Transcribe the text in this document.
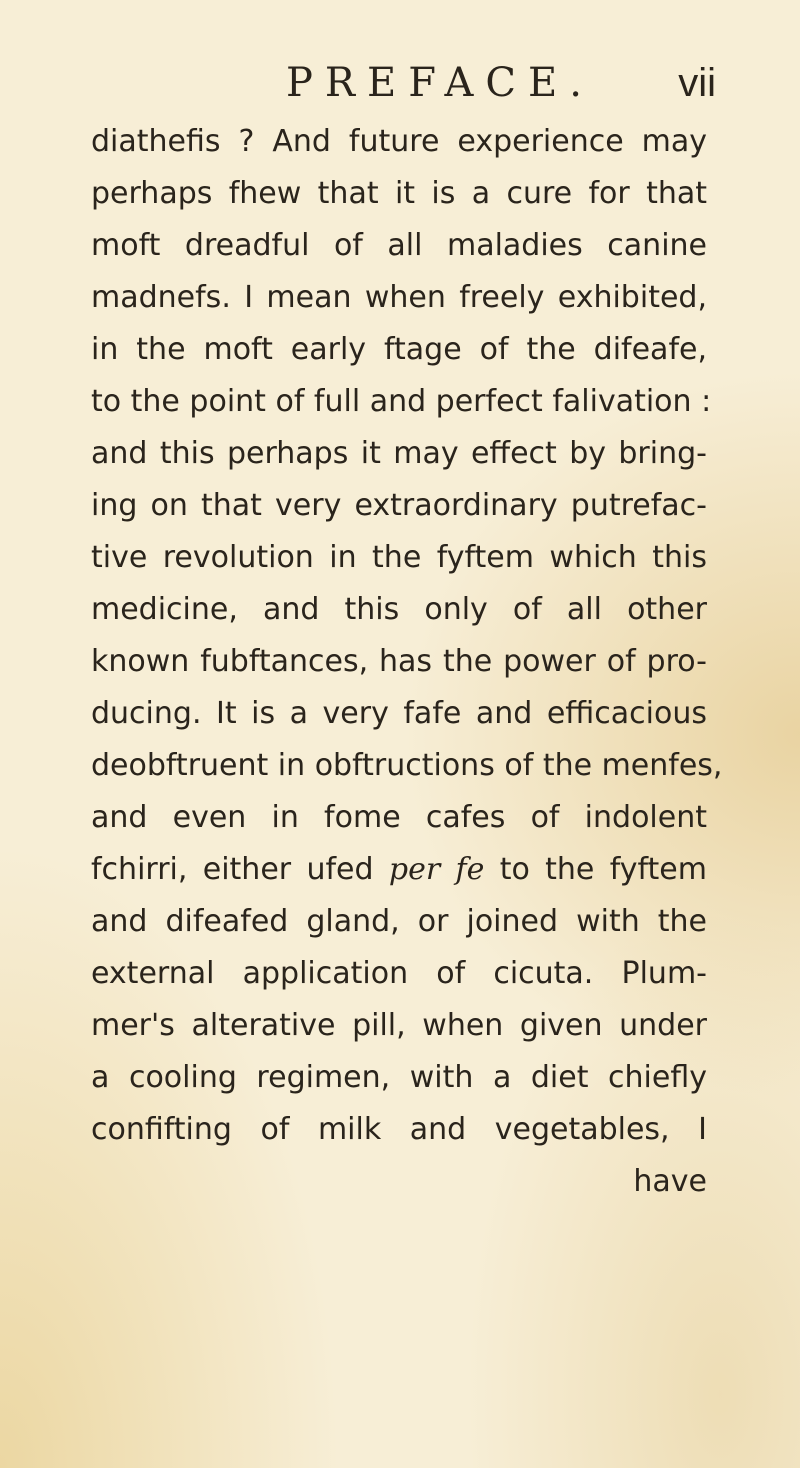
PREFACE. vii
diathefis ? And future experience may
perhaps fhew that it is a cure for that
moft dreadful of all maladies canine
madnefs. I mean when freely exhibited,
in the moft early ftage of the difeafe,
to the point of full and perfect falivation :
and this perhaps it may effect by bring-
ing on that very extraordinary putrefac-
tive revolution in the fyftem which this
medicine, and this only of all other
known fubftances, has the power of pro-
ducing. It is a very fafe and efficacious
deobftruent in obftructions of the menfes,
and even in fome cafes of indolent
fchirri, either ufed per fe to the fyftem
and difeafed gland, or joined with the
external application of cicuta. Plum-
mer's alterative pill, when given under
a cooling regimen, with a diet chiefly
confifting of milk and vegetables, I
have
